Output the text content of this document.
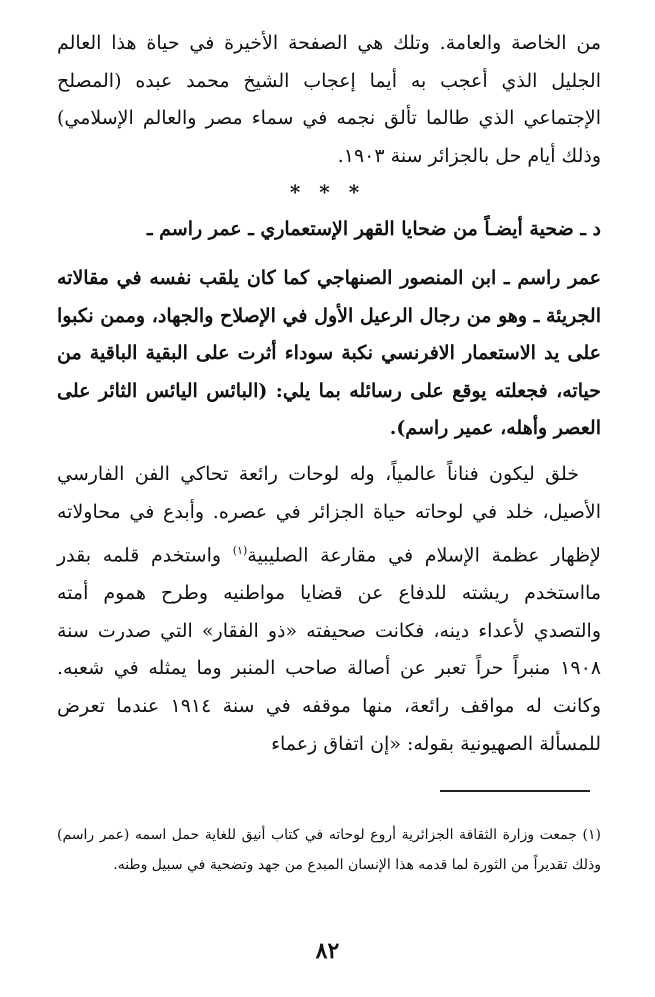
من الخاصة والعامة. وتلك هي الصفحة الأخيرة في حياة هذا العالم الجليل الذي أعجب به أيما إعجاب الشيخ محمد عبده (المصلح الإجتماعي الذي طالما تألق نجمه في سماء مصر والعالم الإسلامي) وذلك أيام حل بالجزائر سنة ١٩٠٣.
* * *
د ـ ضحية أيضـاً من ضحايا القهر الإستعماري ـ عمر راسم ـ
عمر راسم ـ ابن المنصور الصنهاجي كما كان يلقب نفسه في مقالاته الجريئة ـ وهو من رجال الرعيل الأول في الإصلاح والجهاد، وممن نكبوا على يد الاستعمار الافرنسي نكبة سوداء أثرت على البقية الباقية من حياته، فجعلته يوقع على رسائله بما يلي: (البائس اليائس الثائر على العصر وأهله، عمير راسم).
خلق ليكون فناناً عالمياً، وله لوحات رائعة تحاكي الفن الفارسي الأصيل، خلد في لوحاته حياة الجزائر في عصره. وأبدع في محاولاته لإظهار عظمة الإسلام في مقارعة الصليبية$^{(١)}$ واستخدم قلمه بقدر مااستخدم ريشته للدفاع عن قضايا مواطنيه وطرح هموم أمته والتصدي لأعداء دينه، فكانت صحيفته «ذو الفقار» التي صدرت سنة ١٩٠٨ منبراً حراً تعبر عن أصالة صاحب المنبر وما يمثله في شعبه. وكانت له مواقف رائعة، منها موقفه في سنة ١٩١٤ عندما تعرض للمسألة الصهيونية بقوله: «إن اتفاق زعماء
(١) جمعت وزارة الثقافة الجزائرية أروع لوحاته في كتاب أنيق للغاية حمل اسمه (عمر راسم) وذلك تقديراً من الثورة لما قدمه هذا الإنسان المبدع من جهد وتضحية في سبيل وطنه.
٨٢
